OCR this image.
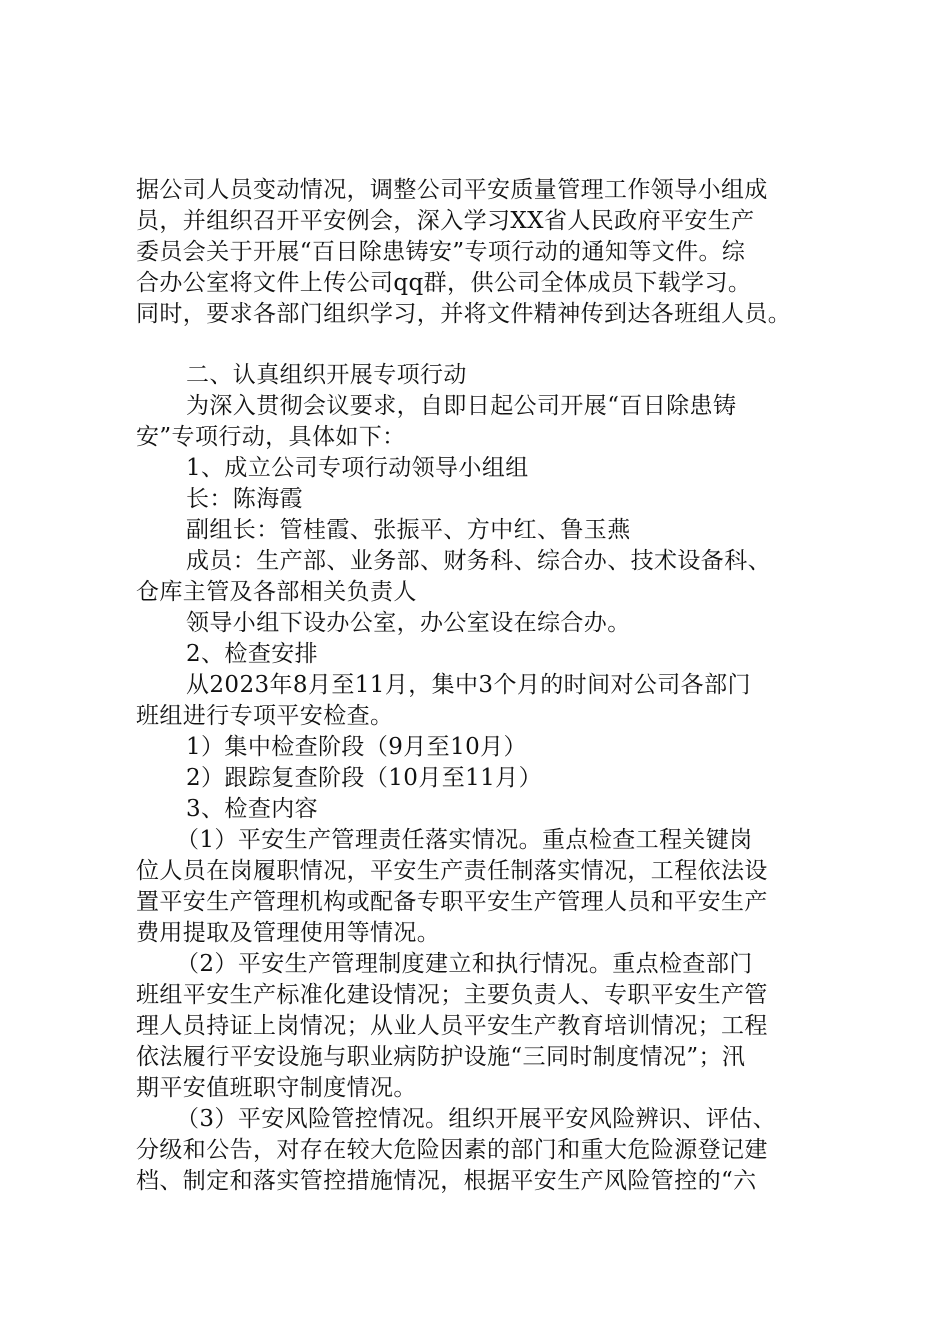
据公司人员变动情况，调整公司平安质量管理工作领导小组成
员，并组织召开平安例会，深入学习XX省人民政府平安生产
委员会关于开展“百日除患铸安”专项行动的通知等文件。综
合办公室将文件上传公司qq群，供公司全体成员下载学习。
同时，要求各部门组织学习，并将文件精神传到达各班组人员。
二、认真组织开展专项行动
为深入贯彻会议要求，自即日起公司开展“百日除患铸
安”专项行动，具体如下：
1、成立公司专项行动领导小组组
长：陈海霞
副组长：管桂霞、张振平、方中红、鲁玉燕
成员：生产部、业务部、财务科、综合办、技术设备科、
仓库主管及各部相关负责人
领导小组下设办公室，办公室设在综合办。
2、检查安排
从2023年8月至11月，集中3个月的时间对公司各部门
班组进行专项平安检查。
1）集中检查阶段（9月至10月）
2）跟踪复查阶段（10月至11月）
3、检查内容
（1）平安生产管理责任落实情况。重点检查工程关键岗
位人员在岗履职情况，平安生产责任制落实情况，工程依法设
置平安生产管理机构或配备专职平安生产管理人员和平安生产
费用提取及管理使用等情况。
（2）平安生产管理制度建立和执行情况。重点检查部门
班组平安生产标准化建设情况；主要负责人、专职平安生产管
理人员持证上岗情况；从业人员平安生产教育培训情况；工程
依法履行平安设施与职业病防护设施“三同时制度情况”；汛
期平安值班职守制度情况。
（3）平安风险管控情况。组织开展平安风险辨识、评估、
分级和公告，对存在较大危险因素的部门和重大危险源登记建
档、制定和落实管控措施情况，根据平安生产风险管控的“六
